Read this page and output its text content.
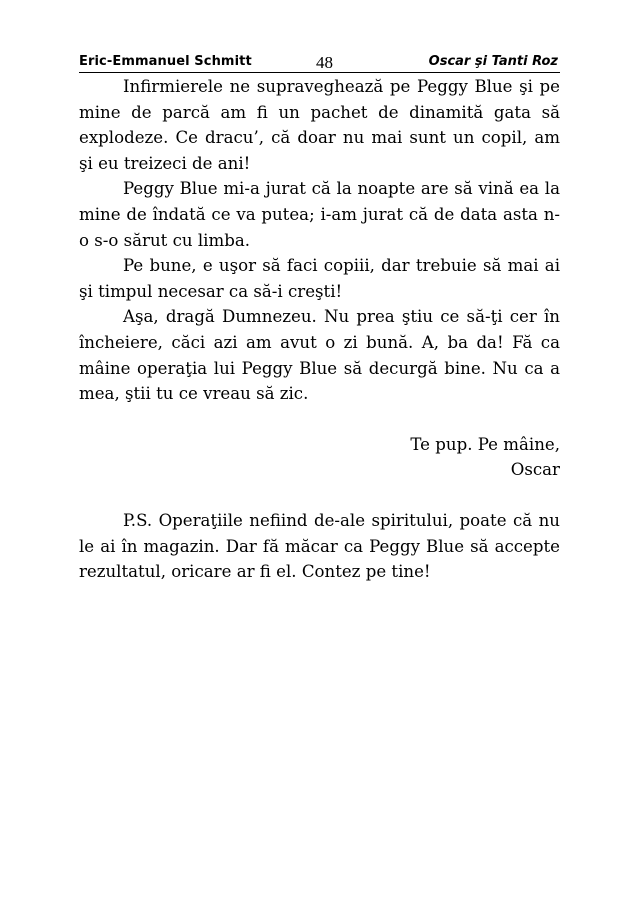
Eric-Emmanuel Schmitt	48	Oscar şi Tanti Roz

Infirmierele ne supraveghează pe Peggy Blue şi pe mine de parcă am fi un pachet de dinamită gata să explodeze. Ce dracu’, că doar nu mai sunt un copil, am şi eu treizeci de ani!

Peggy Blue mi-a jurat că la noapte are să vină ea la mine de îndată ce va putea; i-am jurat că de data asta n-o s-o sărut cu limba.

Pe bune, e uşor să faci copiii, dar trebuie să mai ai şi timpul necesar ca să-i creşti!

Aşa, dragă Dumnezeu. Nu prea ştiu ce să-ţi cer în încheiere, căci azi am avut o zi bună. A, ba da! Fă ca mâine operaţia lui Peggy Blue să decurgă bine. Nu ca a mea, ştii tu ce vreau să zic.

Te pup. Pe mâine,
Oscar

P.S. Operaţiile nefiind de-ale spiritului, poate că nu le ai în magazin. Dar fă măcar ca Peggy Blue să accepte rezultatul, oricare ar fi el. Contez pe tine!
